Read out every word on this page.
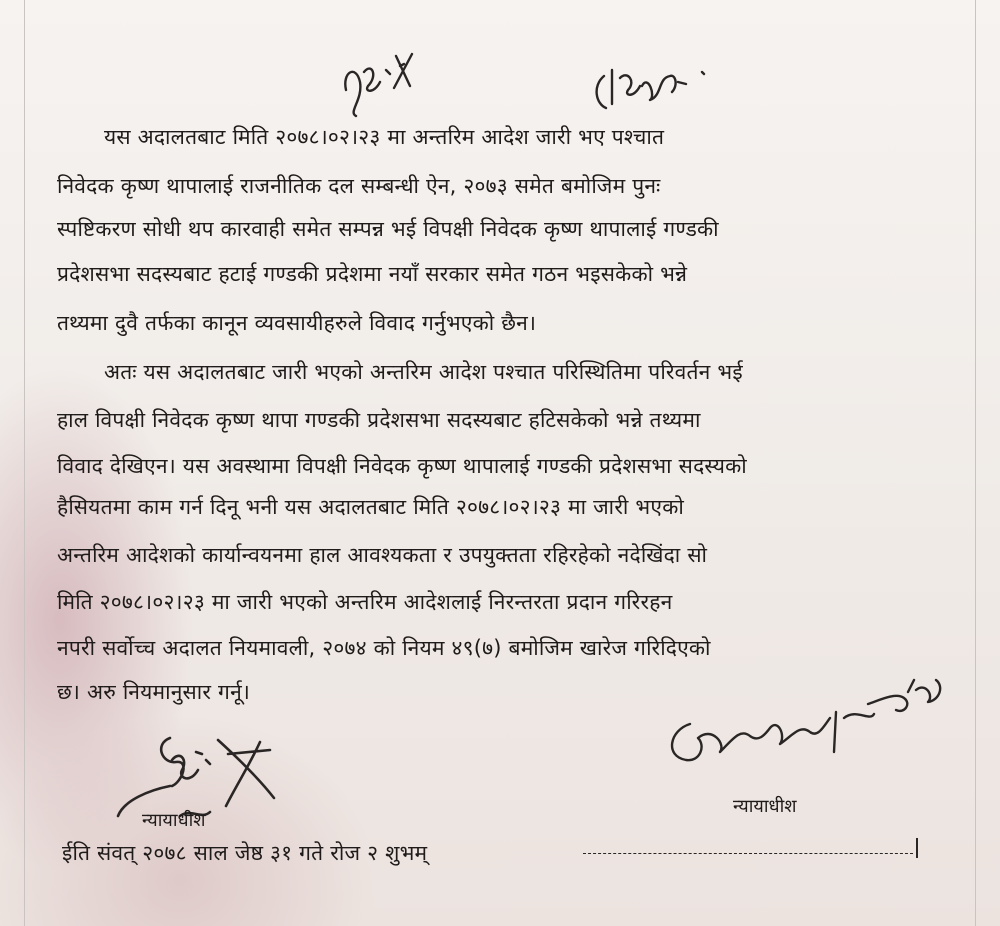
यस अदालतबाट मिति २०७८।०२।२३ मा अन्तरिम आदेश जारी भए पश्चात
निवेदक कृष्ण थापालाई राजनीतिक दल सम्बन्धी ऐन, २०७३ समेत बमोजिम पुनः
स्पष्टिकरण सोधी थप कारवाही समेत सम्पन्न भई विपक्षी निवेदक कृष्ण थापालाई गण्डकी
प्रदेशसभा सदस्यबाट हटाई गण्डकी प्रदेशमा नयाँ सरकार समेत गठन भइसकेको भन्ने
तथ्यमा दुवै तर्फका कानून व्यवसायीहरुले विवाद गर्नुभएको छैन।
अतः यस अदालतबाट जारी भएको अन्तरिम आदेश पश्चात परिस्थितिमा परिवर्तन भई
हाल विपक्षी निवेदक कृष्ण थापा गण्डकी प्रदेशसभा सदस्यबाट हटिसकेको भन्ने तथ्यमा
विवाद देखिएन। यस अवस्थामा विपक्षी निवेदक कृष्ण थापालाई गण्डकी प्रदेशसभा सदस्यको
हैसियतमा काम गर्न दिनू भनी यस अदालतबाट मिति २०७८।०२।२३ मा जारी भएको
अन्तरिम आदेशको कार्यान्वयनमा हाल आवश्यकता र उपयुक्तता रहिरहेको नदेखिंदा सो
मिति २०७८।०२।२३ मा जारी भएको अन्तरिम आदेशलाई निरन्तरता प्रदान गरिरहन
नपरी सर्वोच्च अदालत नियमावली, २०७४ को नियम ४९(७) बमोजिम खारेज गरिदिएको
छ। अरु नियमानुसार गर्नू।
न्यायाधीश
न्यायाधीश
ईति संवत् २०७८ साल जेष्ठ ३१ गते रोज २ शुभम्
